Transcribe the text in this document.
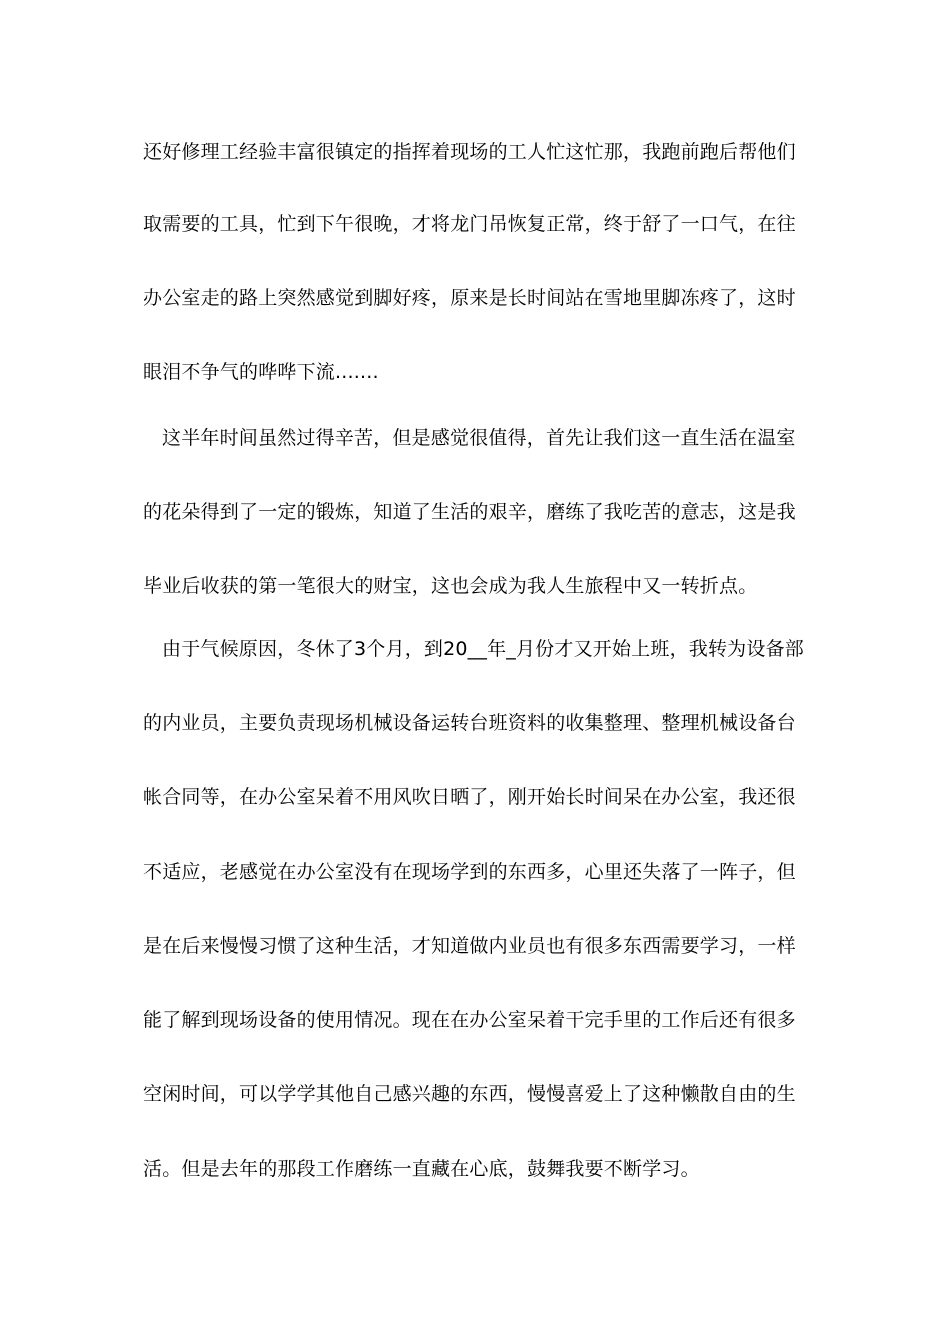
还好修理工经验丰富很镇定的指挥着现场的工人忙这忙那，我跑前跑后帮他们
取需要的工具，忙到下午很晚，才将龙门吊恢复正常，终于舒了一口气，在往
办公室走的路上突然感觉到脚好疼，原来是长时间站在雪地里脚冻疼了，这时
眼泪不争气的哗哗下流.......
这半年时间虽然过得辛苦，但是感觉很值得，首先让我们这一直生活在温室
的花朵得到了一定的锻炼，知道了生活的艰辛，磨练了我吃苦的意志，这是我
毕业后收获的第一笔很大的财宝，这也会成为我人生旅程中又一转折点。
由于气候原因，冬休了3个月，到20__年_月份才又开始上班，我转为设备部
的内业员，主要负责现场机械设备运转台班资料的收集整理、整理机械设备台
帐合同等，在办公室呆着不用风吹日晒了，刚开始长时间呆在办公室，我还很
不适应，老感觉在办公室没有在现场学到的东西多，心里还失落了一阵子，但
是在后来慢慢习惯了这种生活，才知道做内业员也有很多东西需要学习，一样
能了解到现场设备的使用情况。现在在办公室呆着干完手里的工作后还有很多
空闲时间，可以学学其他自己感兴趣的东西，慢慢喜爱上了这种懒散自由的生
活。但是去年的那段工作磨练一直藏在心底，鼓舞我要不断学习。
